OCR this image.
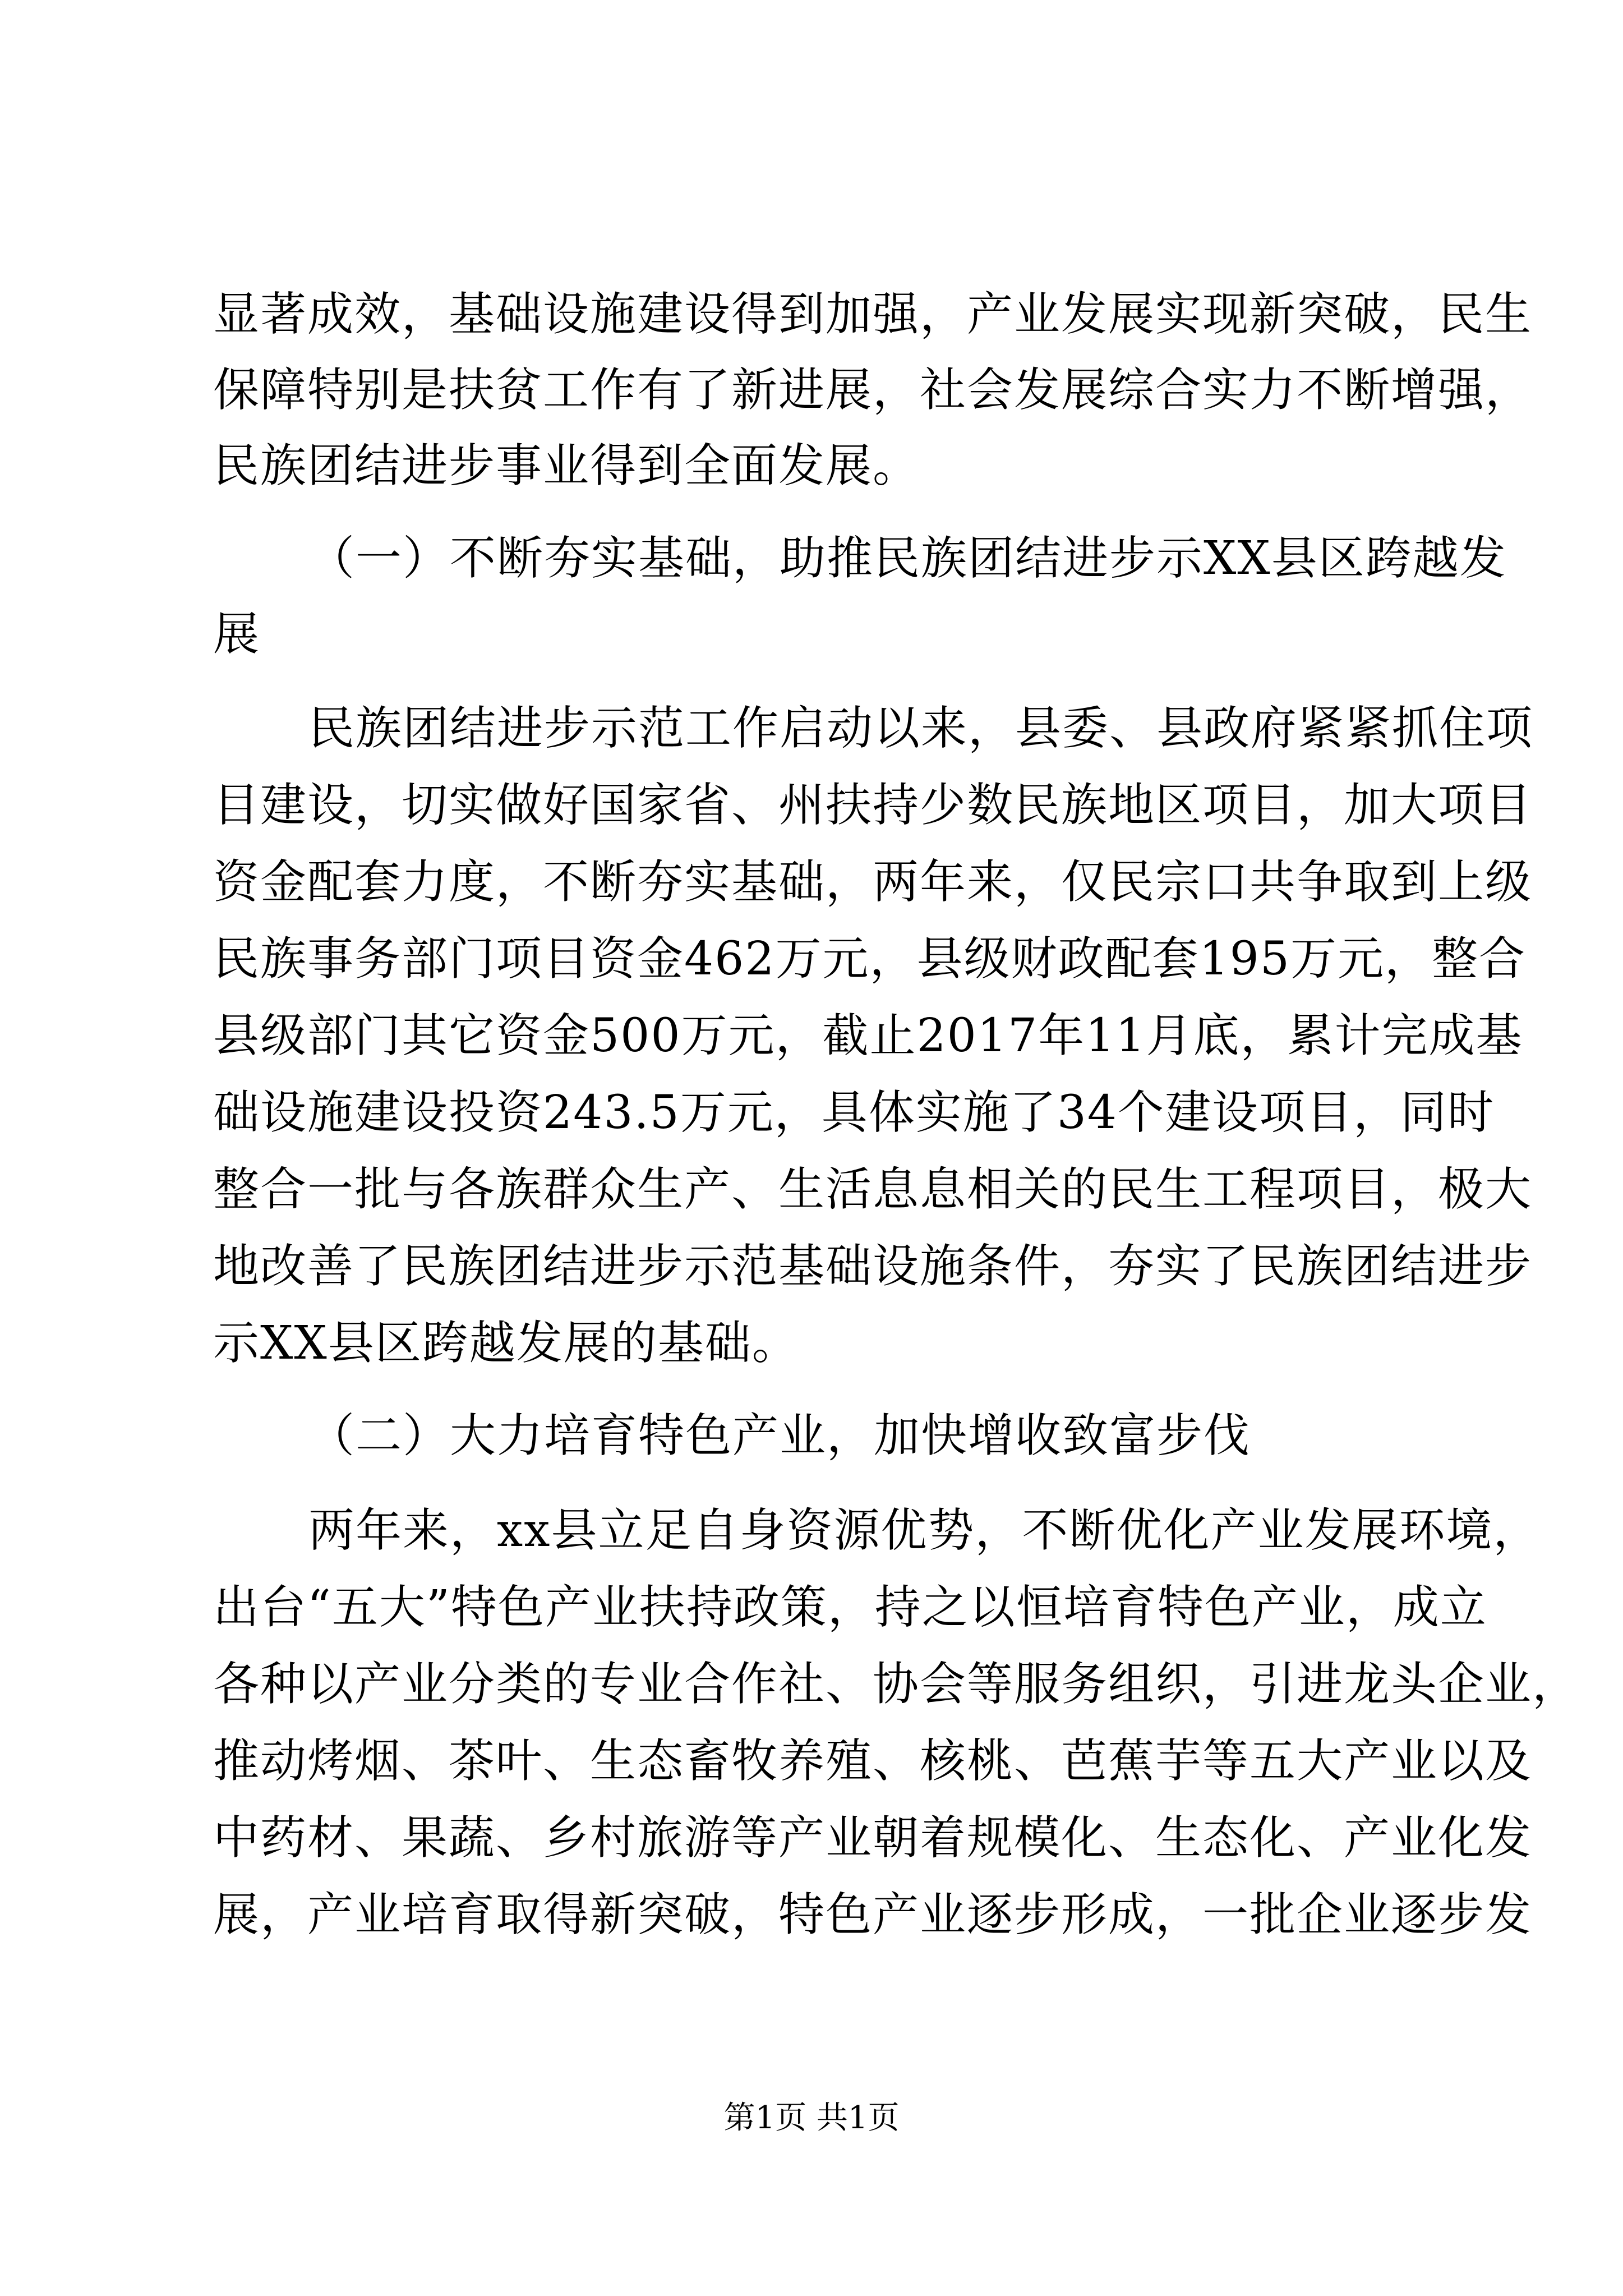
显著成效，基础设施建设得到加强，产业发展实现新突破，民生
保障特别是扶贫工作有了新进展，社会发展综合实力不断增强，
民族团结进步事业得到全面发展。
（一）不断夯实基础，助推民族团结进步示XX县区跨越发
展
民族团结进步示范工作启动以来，县委、县政府紧紧抓住项
目建设，切实做好国家省、州扶持少数民族地区项目，加大项目
资金配套力度，不断夯实基础，两年来，仅民宗口共争取到上级
民族事务部门项目资金462万元，县级财政配套195万元，整合
县级部门其它资金500万元，截止2017年11月底，累计完成基
础设施建设投资243.5万元，具体实施了34个建设项目，同时
整合一批与各族群众生产、生活息息相关的民生工程项目，极大
地改善了民族团结进步示范基础设施条件，夯实了民族团结进步
示XX县区跨越发展的基础。
（二）大力培育特色产业，加快增收致富步伐
两年来，xx县立足自身资源优势，不断优化产业发展环境，
出台“五大”特色产业扶持政策，持之以恒培育特色产业，成立
各种以产业分类的专业合作社、协会等服务组织，引进龙头企业，
推动烤烟、茶叶、生态畜牧养殖、核桃、芭蕉芋等五大产业以及
中药材、果蔬、乡村旅游等产业朝着规模化、生态化、产业化发
展，产业培育取得新突破，特色产业逐步形成，一批企业逐步发
第1页 共1页
